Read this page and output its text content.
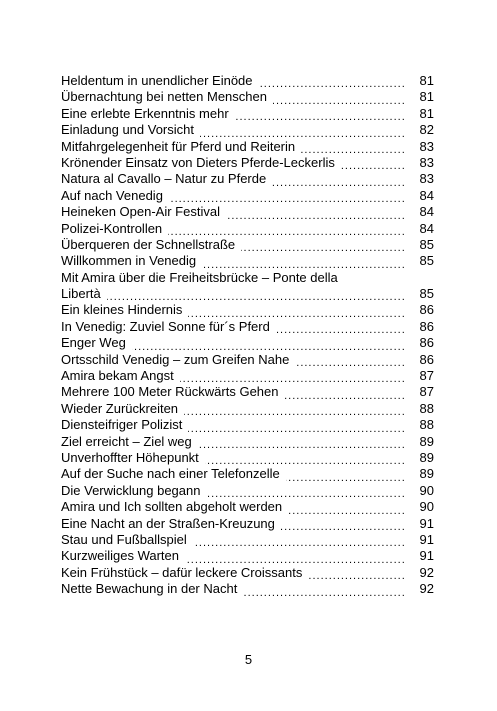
.....
Heldentum in unendlicher Einöde	81
.....
Übernachtung bei netten Menschen	81
.....
Eine erlebte Erkenntnis mehr	81
.....
Einladung und Vorsicht	82
.....
Mitfahrgelegenheit für Pferd und Reiterin	83
.....
Krönender Einsatz von Dieters Pferde-Leckerlis	83
.....
Natura al Cavallo – Natur zu Pferde	83
.....
Auf nach Venedig	84
.....
Heineken Open-Air Festival	84
.....
Polizei-Kontrollen	84
.....
Überqueren der Schnellstraße	85
.....
Willkommen in Venedig	85
Mit Amira über die Freiheitsbrücke – Ponte della
.....
Libertà	85
.....
Ein kleines Hindernis	86
.....
In Venedig: Zuviel Sonne für´s Pferd	86
.....
Enger Weg	86
.....
Ortsschild Venedig – zum Greifen Nahe	86
.....
Amira bekam Angst	87
.....
Mehrere 100 Meter Rückwärts Gehen	87
.....
Wieder Zurückreiten	88
.....
Diensteifriger Polizist	88
.....
Ziel erreicht – Ziel weg	89
.....
Unverhoffter Höhepunkt	89
.....
Auf der Suche nach einer Telefonzelle	89
.....
Die Verwicklung begann	90
.....
Amira und Ich sollten abgeholt werden	90
.....
Eine Nacht an der Straßen-Kreuzung	91
.....
Stau und Fußballspiel	91
.....
Kurzweiliges Warten	91
.....
Kein Frühstück – dafür leckere Croissants	92
.....
Nette Bewachung in der Nacht	92
5
